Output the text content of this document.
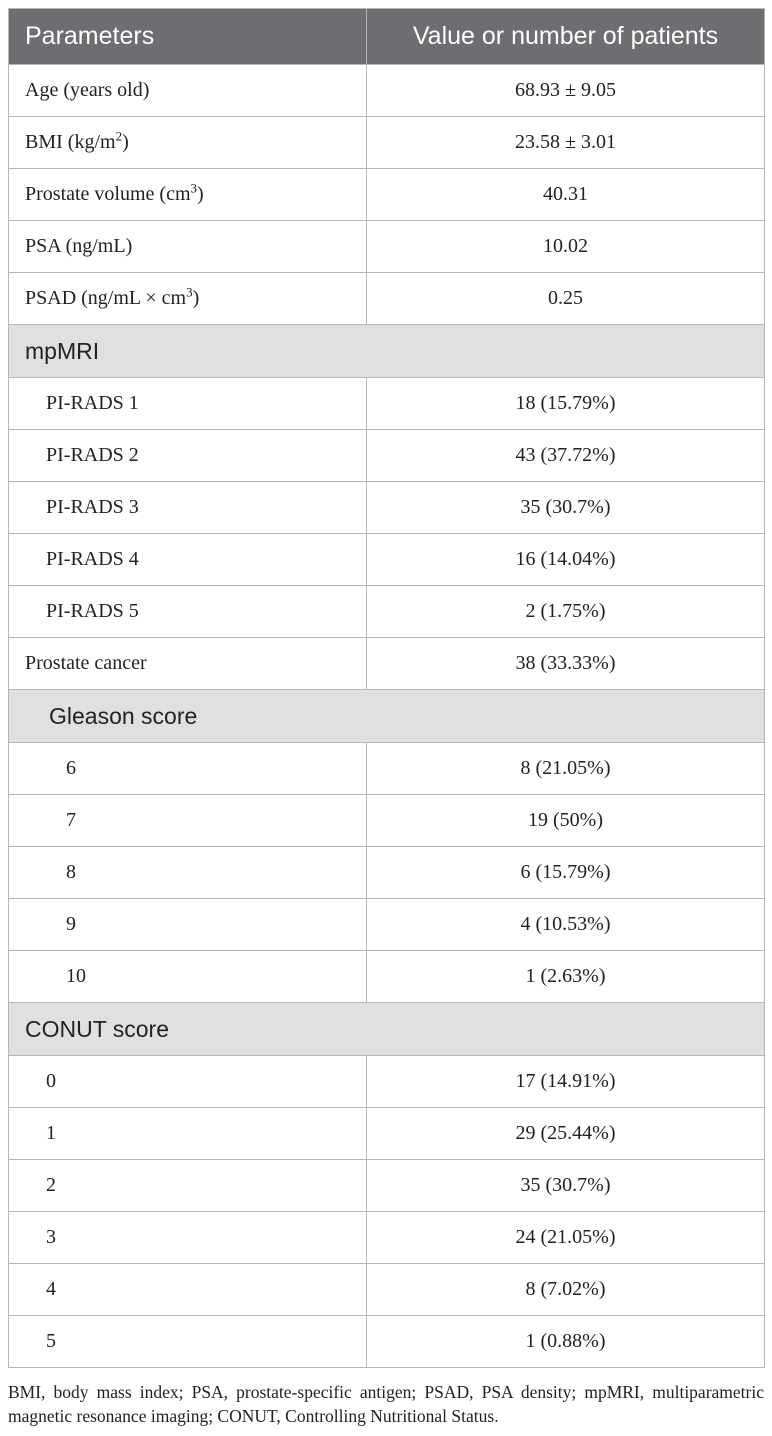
Parameters	Value or number of patients
Age (years old)	68.93 ± 9.05
BMI $(kg/m^2)$	23.58 ± 3.01
Prostate volume $(cm^3)$	40.31
PSA (ng/mL)	10.02
PSAD $(ng/mL \times cm^3)$	0.25
mpMRI	
PI-RADS 1	18 (15.79%)
PI-RADS 2	43 (37.72%)
PI-RADS 3	35 (30.7%)
PI-RADS 4	16 (14.04%)
PI-RADS 5	2 (1.75%)
Prostate cancer	38 (33.33%)
Gleason score	
6	8 (21.05%)
7	19 (50%)
8	6 (15.79%)
9	4 (10.53%)
10	1 (2.63%)
CONUT score	
0	17 (14.91%)
1	29 (25.44%)
2	35 (30.7%)
3	24 (21.05%)
4	8 (7.02%)
5	1 (0.88%)
BMI, body mass index; PSA, prostate-specific antigen; PSAD, PSA density; mpMRI, multiparametric magnetic resonance imaging; CONUT, Controlling Nutritional Status.
